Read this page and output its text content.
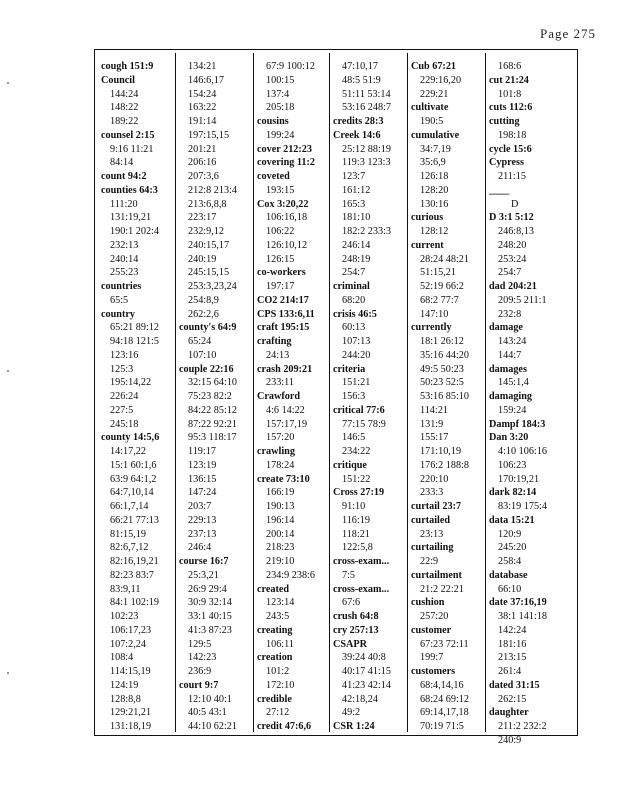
Page 275
cough 151:9
Council
144:24
148:22
189:22
counsel 2:15
9:16 11:21
84:14
count 94:2
counties 64:3
111:20
131:19,21
190:1 202:4
232:13
240:14
255:23
countries
65:5
country
65:21 89:12
94:18 121:5
123:16
125:3
195:14,22
226:24
227:5
245:18
county 14:5,6
14:17,22
15:1 60:1,6
63:9 64:1,2
64:7,10,14
66:1,7,14
66:21 77:13
81:15,19
82:6,7,12
82:16,19,21
82:23 83:7
83:9,11
84:1 102:19
102:23
106:17,23
107:2,24
108:4
114:15,19
124:19
128:8,8
129:21,21
131:18,19
134:21
146:6,17
154:24
163:22
191:14
197:15,15
201:21
206:16
207:3,6
212:8 213:4
213:6,8,8
223:17
232:9,12
240:15,17
240:19
245:15,15
253:3,23,24
254:8,9
262:2,6
county's 64:9
65:24
107:10
couple 22:16
32:15 64:10
75:23 82:2
84:22 85:12
87:22 92:21
95:3 118:17
119:17
123:19
136:15
147:24
203:7
229:13
237:13
246:4
course 16:7
25:3,21
26:9 29:4
30:9 32:14
33:1 40:15
41:3 87:23
129:5
142:23
236:9
court 9:7
12:10 40:1
40:5 43:1
44:10 62:21
67:9 100:12
100:15
137:4
205:18
cousins
199:24
cover 212:23
covering 11:2
coveted
193:15
Cox 3:20,22
106:16,18
106:22
126:10,12
126:15
co-workers
197:17
CO2 214:17
CPS 133:6,11
craft 195:15
crafting
24:13
crash 209:21
233:11
Crawford
4:6 14:22
157:17,19
157:20
crawling
178:24
create 73:10
166:19
190:13
196:14
200:14
218:23
219:10
234:9 238:6
created
123:14
243:5
creating
106:11
creation
101:2
172:10
credible
27:12
credit 47:6,6
47:10,17
48:5 51:9
51:11 53:14
53:16 248:7
credits 28:3
Creek 14:6
25:12 88:19
119:3 123:3
123:7
161:12
165:3
181:10
182:2 233:3
246:14
248:19
254:7
criminal
68:20
crisis 46:5
60:13
107:13
244:20
criteria
151:21
156:3
critical 77:6
77:15 78:9
146:5
234:22
critique
151:22
Cross 27:19
91:10
116:19
118:21
122:5,8
cross-exam...
7:5
cross-exam...
67:6
crush 64:8
cry 257:13
CSAPR
39:24 40:8
40:17 41:15
41:23 42:14
42:18,24
49:2
CSR 1:24
Cub 67:21
229:16,20
229:21
cultivate
190:5
cumulative
34:7,19
35:6,9
126:18
128:20
130:16
curious
128:12
current
28:24 48:21
51:15,21
52:19 66:2
68:2 77:7
147:10
currently
18:1 26:12
35:16 44:20
49:5 50:23
50:23 52:5
53:16 85:10
114:21
131:9
155:17
171:10,19
176:2 188:8
220:10
233:3
curtail 23:7
curtailed
23:13
curtailing
22:9
curtailment
21:2 22:21
cushion
257:20
customer
67:23 72:11
199:7
customers
68:4,14,16
68:24 69:12
69:14,17,18
70:19 71:5
168:6
cut 21:24
101:8
cuts 112:6
cutting
198:18
cycle 15:6
Cypress
211:15
____
D
D 3:1 5:12
246:8,13
248:20
253:24
254:7
dad 204:21
209:5 211:1
232:8
damage
143:24
144:7
damages
145:1,4
damaging
159:24
Dampf 184:3
Dan 3:20
4:10 106:16
106:23
170:19,21
dark 82:14
83:19 175:4
data 15:21
120:9
245:20
258:4
database
66:10
date 37:16,19
38:1 141:18
142:24
181:16
213:15
261:4
dated 31:15
262:15
daughter
211:2 232:2
240:9
